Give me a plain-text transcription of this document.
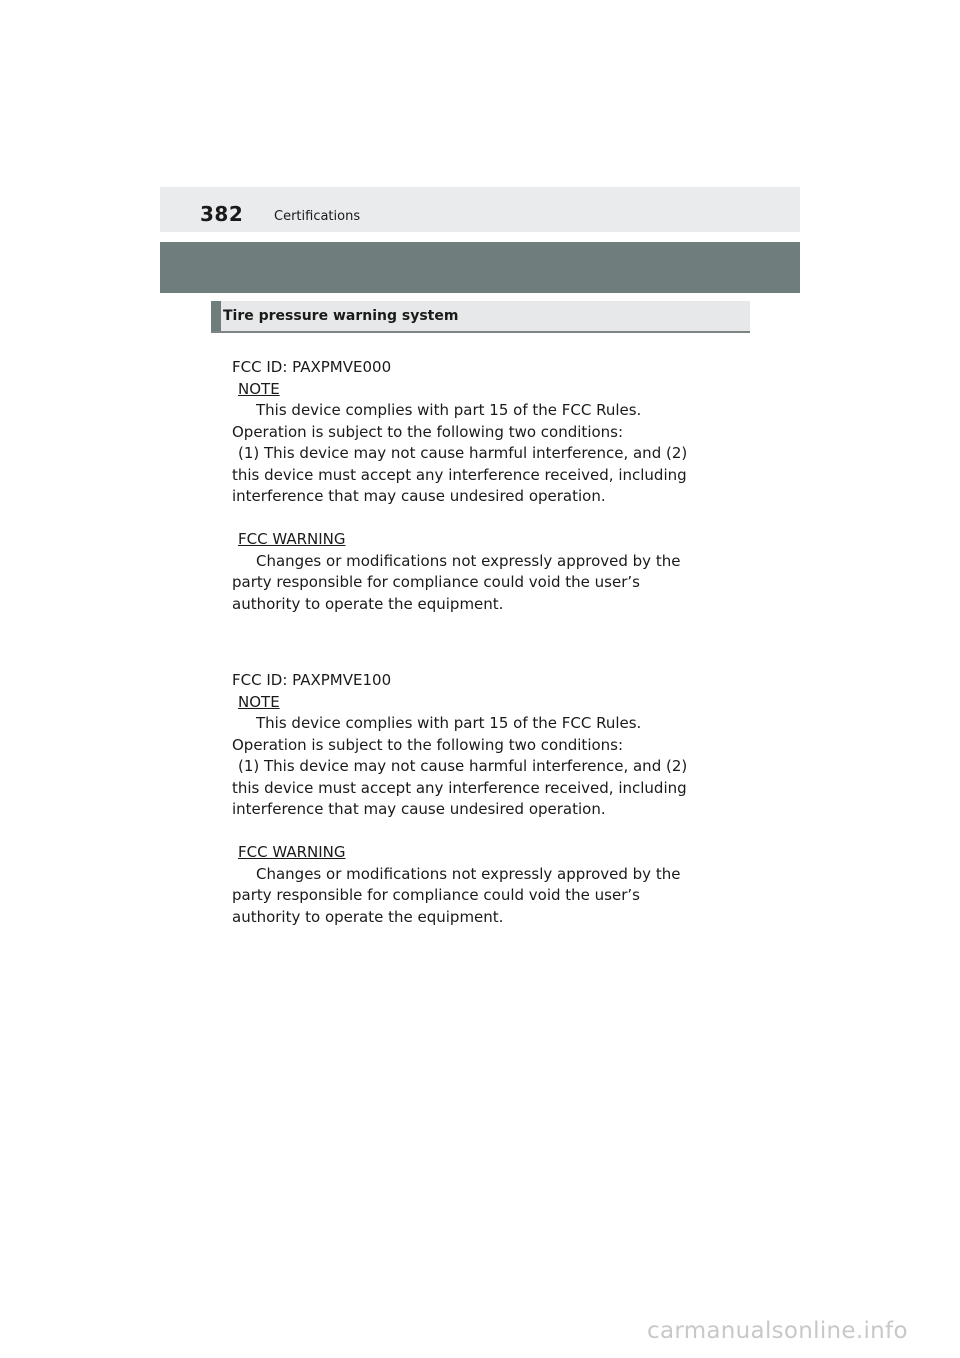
382 Certifications
Tire pressure warning system
FCC ID: PAXPMVE000
NOTE
This device complies with part 15 of the FCC Rules.
Operation is subject to the following two conditions:
(1) This device may not cause harmful interference, and (2)
this device must accept any interference received, including
interference that may cause undesired operation.
FCC WARNING
Changes or modifications not expressly approved by the
party responsible for compliance could void the user’s
authority to operate the equipment.
FCC ID: PAXPMVE100
NOTE
This device complies with part 15 of the FCC Rules.
Operation is subject to the following two conditions:
(1) This device may not cause harmful interference, and (2)
this device must accept any interference received, including
interference that may cause undesired operation.
FCC WARNING
Changes or modifications not expressly approved by the
party responsible for compliance could void the user’s
authority to operate the equipment.
carmanualsonline.info
